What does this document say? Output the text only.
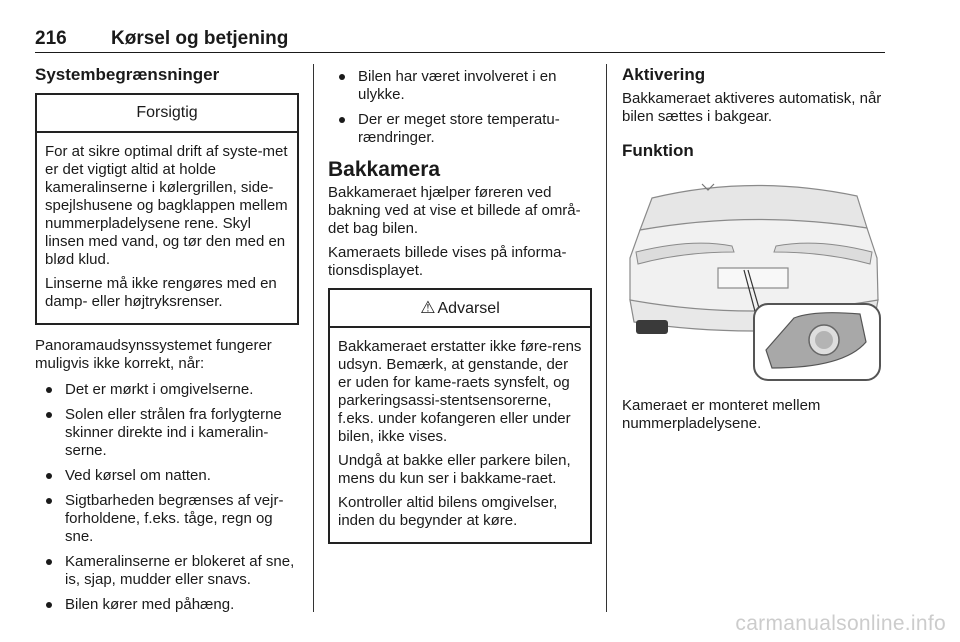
216 Kørsel og betjening
Systembegrænsninger
Forsigtig

For at sikre optimal drift af syste-met er det vigtigt altid at holde kameralinserne i kølergrillen, side-spejlshusene og bagklappen mellem nummerpladelysene rene. Skyl linsen med vand, og tør den med en blød klud.

Linserne må ikke rengøres med en damp- eller højtryksrenser.

Panoramaudsynssystemet fungerer muligvis ikke korrekt, når:

Det er mørkt i omgivelserne.
Solen eller strålen fra forlygterne skinner direkte ind i kameralin-serne.
Ved kørsel om natten.
Sigtbarheden begrænses af vejr-forholdene, f.eks. tåge, regn og sne.
Kameralinserne er blokeret af sne, is, sjap, mudder eller snavs.
Bilen kører med påhæng.
Bilen har været involveret i en ulykke.
Der er meget store temperatu-rændringer.
Bakkamera

Bakkameraet hjælper føreren ved bakning ved at vise et billede af områ-det bag bilen.

Kameraets billede vises på informa-tionsdisplayet.

⚠ Advarsel

Bakkameraet erstatter ikke føre-rens udsyn. Bemærk, at genstande, der er uden for kame-raets synsfelt, og parkeringsassi-stentsensorerne, f.eks. under kofangeren eller under bilen, ikke vises.

Undgå at bakke eller parkere bilen, mens du kun ser i bakkame-raet.

Kontroller altid bilens omgivelser, inden du begynder at køre.

Aktivering

Bakkameraet aktiveres automatisk, når bilen sættes i bakgear.

Funktion

Kameraet er monteret mellem nummerpladelysene.

carmanualsonline.info
